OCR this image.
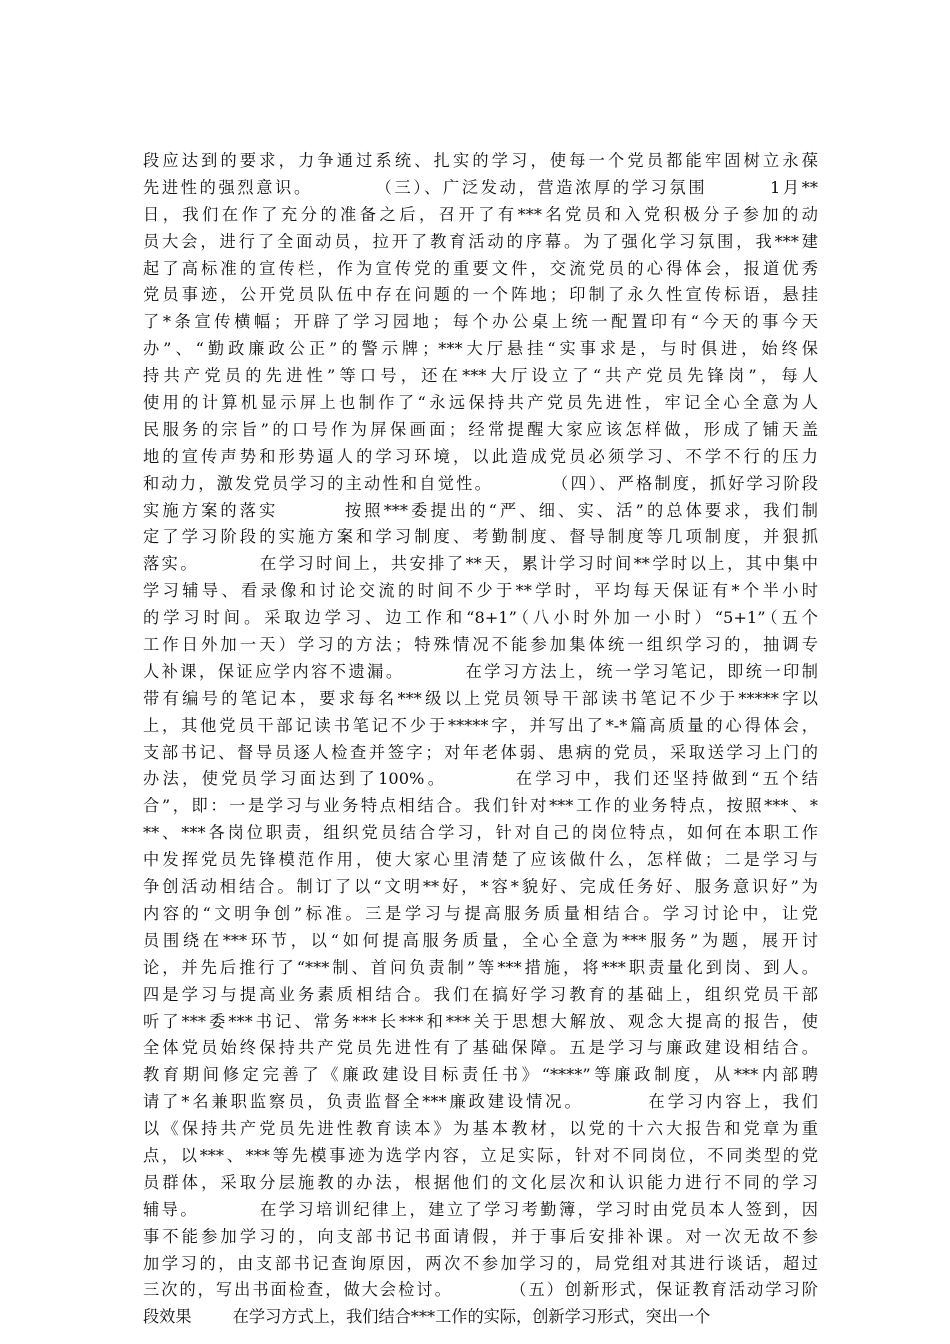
段应达到的要求，力争通过系统、扎实的学习，使每一个党员都能牢固树立永葆
先进性的强烈意识。        （三）、广泛发动，营造浓厚的学习氛围        1月**
日，我们在作了充分的准备之后，召开了有***名党员和入党积极分子参加的动
员大会，进行了全面动员，拉开了教育活动的序幕。为了强化学习氛围，我***建
起了高标准的宣传栏，作为宣传党的重要文件，交流党员的心得体会，报道优秀
党员事迹，公开党员队伍中存在问题的一个阵地；印制了永久性宣传标语，悬挂
了*条宣传横幅；开辟了学习园地；每个办公桌上统一配置印有“今天的事今天
办”、“勤政廉政公正”的警示牌；***大厅悬挂“实事求是，与时俱进，始终保
持共产党员的先进性”等口号，还在***大厅设立了“共产党员先锋岗”，每人
使用的计算机显示屏上也制作了“永远保持共产党员先进性，牢记全心全意为人
民服务的宗旨”的口号作为屏保画面；经常提醒大家应该怎样做，形成了铺天盖
地的宣传声势和形势逼人的学习环境，以此造成党员必须学习、不学不行的压力
和动力，激发党员学习的主动性和自觉性。        （四）、严格制度，抓好学习阶段
实施方案的落实        按照***委提出的“严、细、实、活”的总体要求，我们制
定了学习阶段的实施方案和学习制度、考勤制度、督导制度等几项制度，并狠抓
落实。        在学习时间上，共安排了**天，累计学习时间**学时以上，其中集中
学习辅导、看录像和讨论交流的时间不少于**学时，平均每天保证有*个半小时
的学习时间。采取边学习、边工作和“8+1”（八小时外加一小时）“5+1”（五个
工作日外加一天）学习的方法；特殊情况不能参加集体统一组织学习的，抽调专
人补课，保证应学内容不遗漏。        在学习方法上，统一学习笔记，即统一印制
带有编号的笔记本，要求每名***级以上党员领导干部读书笔记不少于*****字以
上，其他党员干部记读书笔记不少于*****字，并写出了*-*篇高质量的心得体会，
支部书记、督导员逐人检查并签字；对年老体弱、患病的党员，采取送学习上门的
办法，使党员学习面达到了100%。        在学习中，我们还坚持做到“五个结
合”，即：一是学习与业务特点相结合。我们针对***工作的业务特点，按照***、*
**、***各岗位职责，组织党员结合学习，针对自己的岗位特点，如何在本职工作
中发挥党员先锋模范作用，使大家心里清楚了应该做什么，怎样做；二是学习与
争创活动相结合。制订了以“文明**好，*容*貌好、完成任务好、服务意识好”为
内容的“文明争创”标准。三是学习与提高服务质量相结合。学习讨论中，让党
员围绕在***环节，以“如何提高服务质量，全心全意为***服务”为题，展开讨
论，并先后推行了“***制、首问负责制”等***措施，将***职责量化到岗、到人。
四是学习与提高业务素质相结合。我们在搞好学习教育的基础上，组织党员干部
听了***委***书记、常务***长***和***关于思想大解放、观念大提高的报告，使
全体党员始终保持共产党员先进性有了基础保障。五是学习与廉政建设相结合。
教育期间修定完善了《廉政建设目标责任书》“****”等廉政制度，从***内部聘
请了*名兼职监察员，负责监督全***廉政建设情况。        在学习内容上，我们
以《保持共产党员先进性教育读本》为基本教材，以党的十六大报告和党章为重
点，以***、***等先模事迹为选学内容，立足实际，针对不同岗位，不同类型的党
员群体，采取分层施教的办法，根据他们的文化层次和认识能力进行不同的学习
辅导。        在学习培训纪律上，建立了学习考勤簿，学习时由党员本人签到，因
事不能参加学习的，向支部书记书面请假，并于事后安排补课。对一次无故不参
加学习的，由支部书记查询原因，两次不参加学习的，局党组对其进行谈话，超过
三次的，写出书面检查，做大会检讨。        （五）创新形式，保证教育活动学习阶
段效果        在学习方式上，我们结合***工作的实际，创新学习形式，突出一个
